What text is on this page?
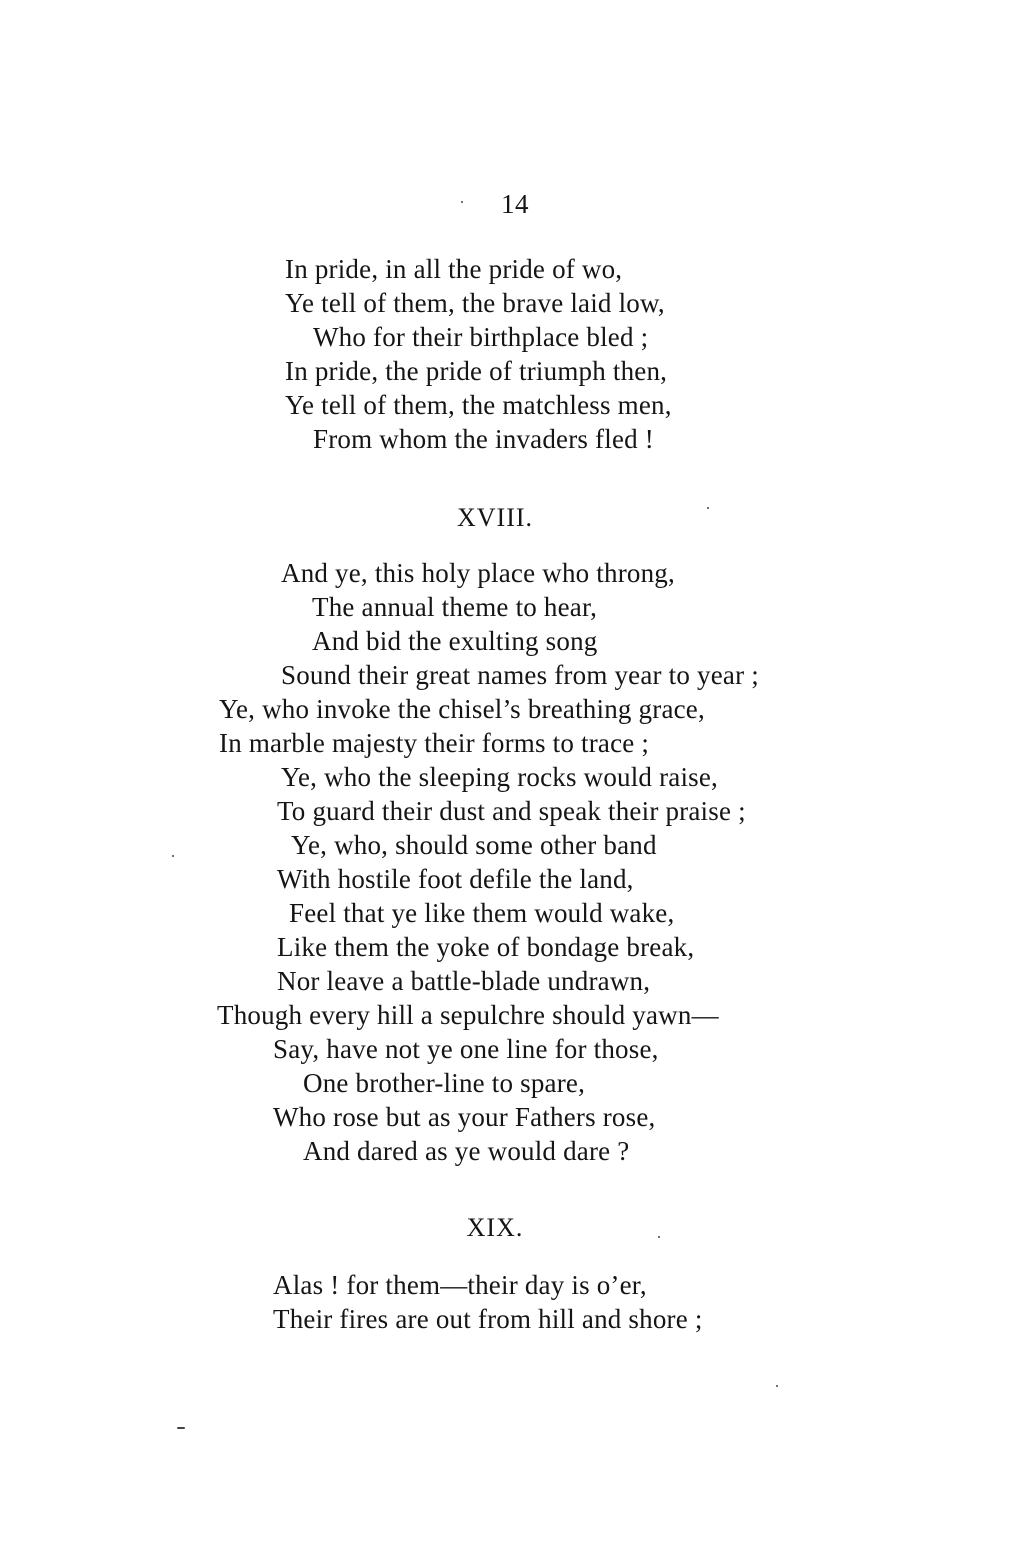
14
In pride, in all the pride of wo,
Ye tell of them, the brave laid low,
Who for their birthplace bled ;
In pride, the pride of triumph then,
Ye tell of them, the matchless men,
From whom the invaders fled !
XVIII.
And ye, this holy place who throng,
The annual theme to hear,
And bid the exulting song
Sound their great names from year to year ;
Ye, who invoke the chisel’s breathing grace,
In marble majesty their forms to trace ;
Ye, who the sleeping rocks would raise,
To guard their dust and speak their praise ;
Ye, who, should some other band
With hostile foot defile the land,
Feel that ye like them would wake,
Like them the yoke of bondage break,
Nor leave a battle-blade undrawn,
Though every hill a sepulchre should yawn—
Say, have not ye one line for those,
One brother-line to spare,
Who rose but as your Fathers rose,
And dared as ye would dare ?
XIX.
Alas ! for them—their day is o’er,
Their fires are out from hill and shore ;
